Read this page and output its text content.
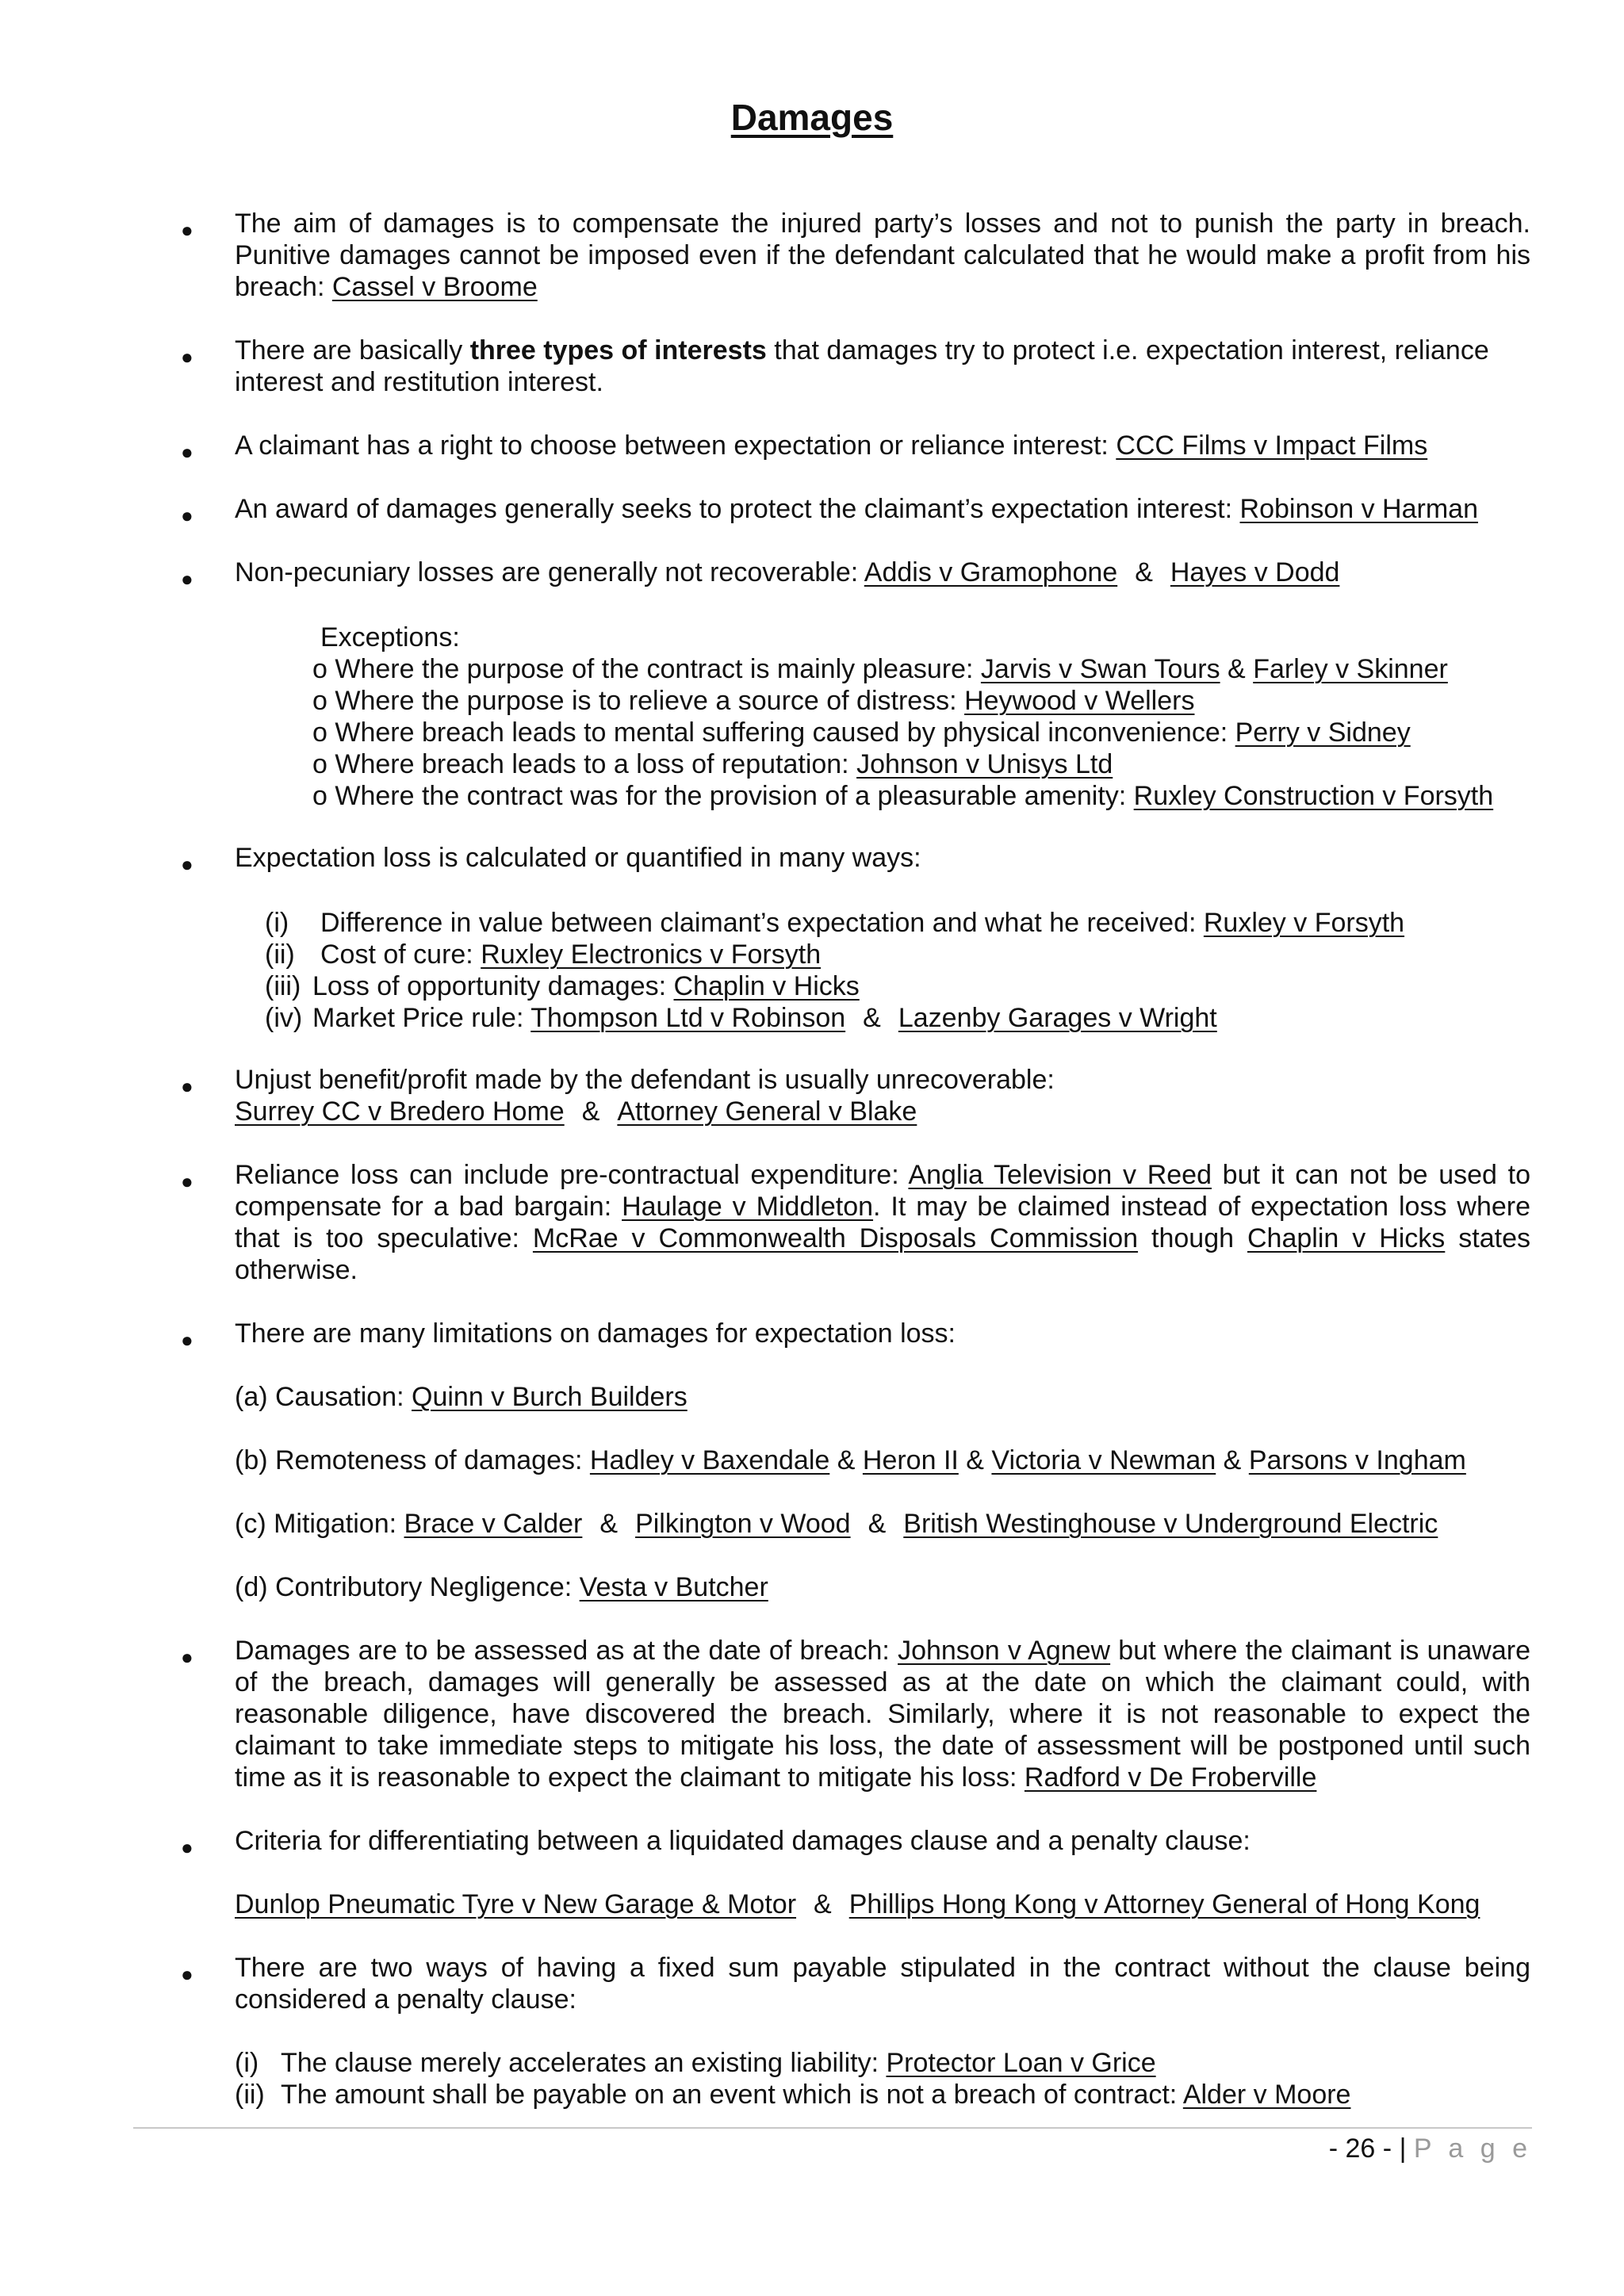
Damages
● The aim of damages is to compensate the injured party’s losses and not to punish the party in breach. Punitive damages cannot be imposed even if the defendant calculated that he would make a profit from his breach: Cassel v Broome
● There are basically three types of interests that damages try to protect i.e. expectation interest, reliance interest and restitution interest.
● A claimant has a right to choose between expectation or reliance interest: CCC Films v Impact Films
● An award of damages generally seeks to protect the claimant’s expectation interest: Robinson v Harman
● Non-pecuniary losses are generally not recoverable: Addis v Gramophone & Hayes v Dodd
Exceptions:
o Where the purpose of the contract is mainly pleasure: Jarvis v Swan Tours & Farley v Skinner
o Where the purpose is to relieve a source of distress: Heywood v Wellers
o Where breach leads to mental suffering caused by physical inconvenience: Perry v Sidney
o Where breach leads to a loss of reputation: Johnson v Unisys Ltd
o Where the contract was for the provision of a pleasurable amenity: Ruxley Construction v Forsyth
● Expectation loss is calculated or quantified in many ways:
(i) Difference in value between claimant’s expectation and what he received: Ruxley v Forsyth
(ii) Cost of cure: Ruxley Electronics v Forsyth
(iii) Loss of opportunity damages: Chaplin v Hicks
(iv) Market Price rule: Thompson Ltd v Robinson & Lazenby Garages v Wright
● Unjust benefit/profit made by the defendant is usually unrecoverable:
Surrey CC v Bredero Home & Attorney General v Blake
● Reliance loss can include pre-contractual expenditure: Anglia Television v Reed but it can not be used to compensate for a bad bargain: Haulage v Middleton. It may be claimed instead of expectation loss where that is too speculative: McRae v Commonwealth Disposals Commission though Chaplin v Hicks states otherwise.
● There are many limitations on damages for expectation loss:
(a) Causation: Quinn v Burch Builders
(b) Remoteness of damages: Hadley v Baxendale & Heron II & Victoria v Newman & Parsons v Ingham
(c) Mitigation: Brace v Calder & Pilkington v Wood & British Westinghouse v Underground Electric
(d) Contributory Negligence: Vesta v Butcher
● Damages are to be assessed as at the date of breach: Johnson v Agnew but where the claimant is unaware of the breach, damages will generally be assessed as at the date on which the claimant could, with reasonable diligence, have discovered the breach. Similarly, where it is not reasonable to expect the claimant to take immediate steps to mitigate his loss, the date of assessment will be postponed until such time as it is reasonable to expect the claimant to mitigate his loss: Radford v De Froberville
● Criteria for differentiating between a liquidated damages clause and a penalty clause:
Dunlop Pneumatic Tyre v New Garage & Motor & Phillips Hong Kong v Attorney General of Hong Kong
● There are two ways of having a fixed sum payable stipulated in the contract without the clause being considered a penalty clause:
(i) The clause merely accelerates an existing liability: Protector Loan v Grice
(ii) The amount shall be payable on an event which is not a breach of contract: Alder v Moore
- 26 - | P a g e
